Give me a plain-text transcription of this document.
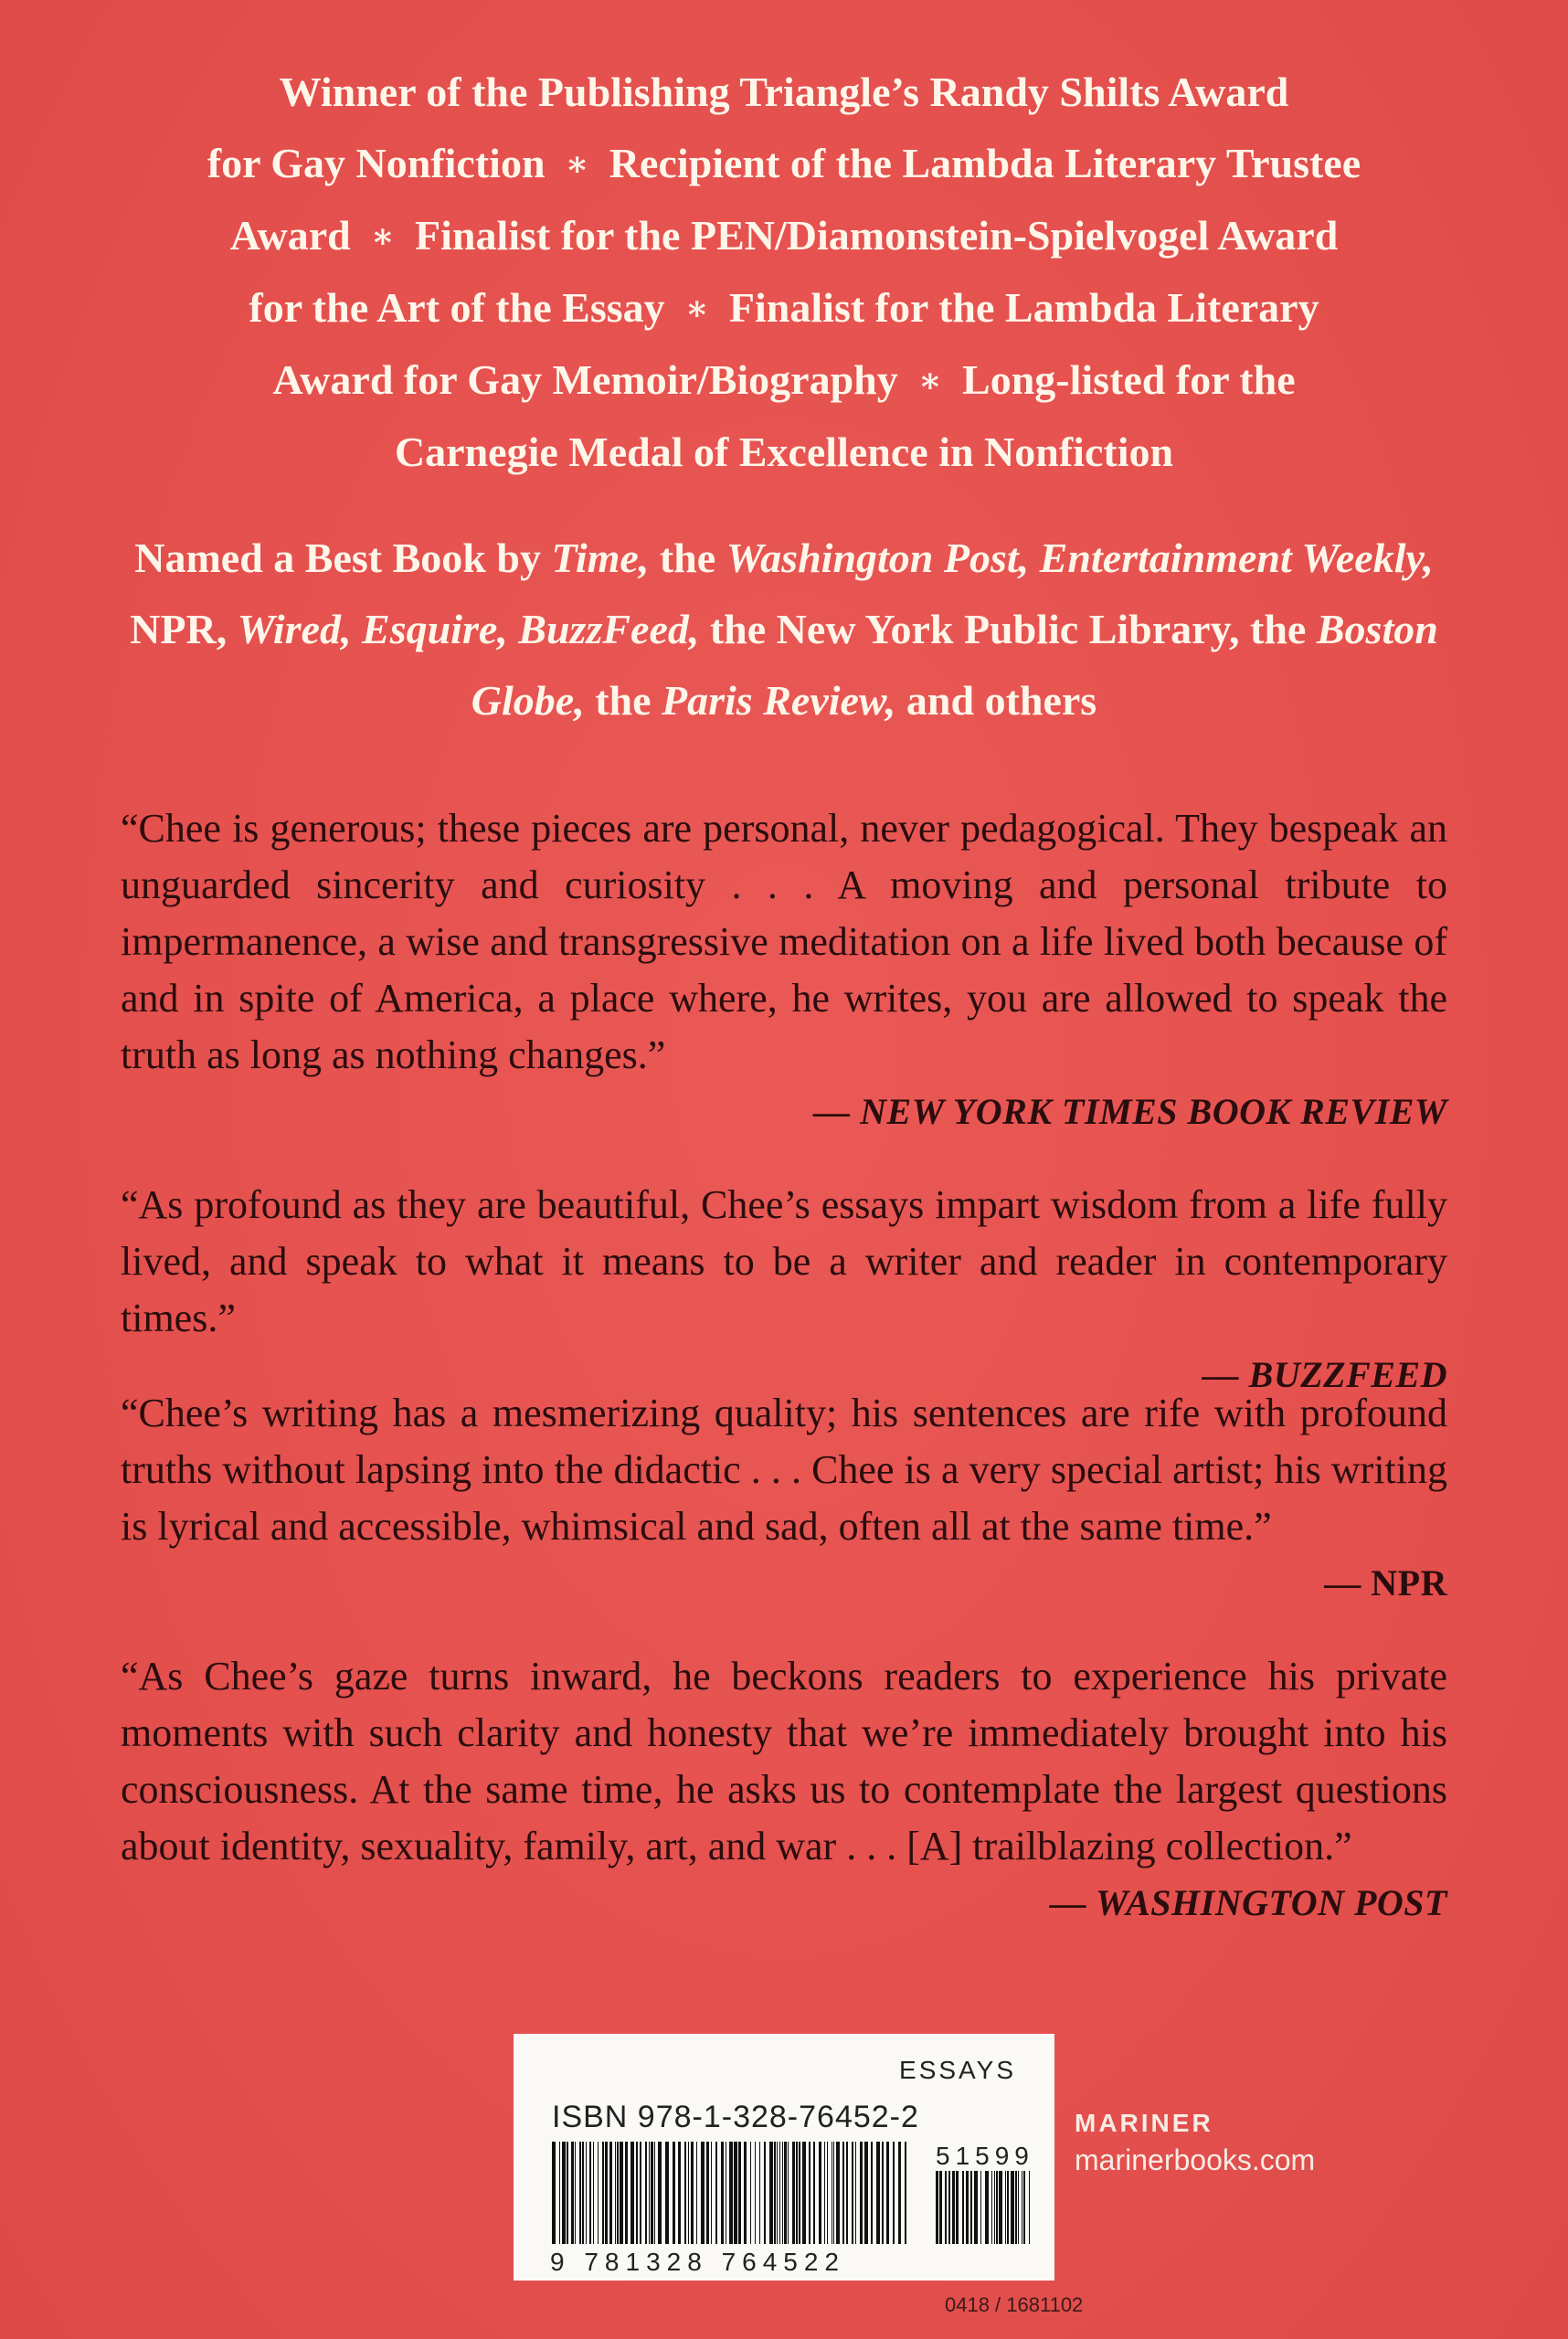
Winner of the Publishing Triangle’s Randy Shilts Award
for Gay Nonfiction ∗ Recipient of the Lambda Literary Trustee
Award ∗ Finalist for the PEN/Diamonstein-Spielvogel Award
for the Art of the Essay ∗ Finalist for the Lambda Literary
Award for Gay Memoir/Biography ∗ Long-listed for the
Carnegie Medal of Excellence in Nonfiction
Named a Best Book by Time, the Washington Post, Entertainment Weekly, NPR, Wired, Esquire, BuzzFeed, the New York Public Library, the Boston Globe, the Paris Review, and others

“Chee is generous; these pieces are personal, never pedagogical. They bespeak an unguarded sincerity and curiosity . . . A moving and personal tribute to impermanence, a wise and transgressive meditation on a life lived both because of and in spite of America, a place where, he writes, you are allowed to speak the truth as long as nothing changes.”

— NEW YORK TIMES BOOK REVIEW

“As profound as they are beautiful, Chee’s essays impart wisdom from a life fully lived, and speak to what it means to be a writer and reader in contemporary times.”

— BUZZFEED

“Chee’s writing has a mesmerizing quality; his sentences are rife with profound truths without lapsing into the didactic . . . Chee is a very special artist; his writing is lyrical and accessible, whimsical and sad, often all at the same time.”

— NPR

“As Chee’s gaze turns inward, he beckons readers to experience his private moments with such clarity and honesty that we’re immediately brought into his consciousness. At the same time, he asks us to contemplate the largest questions about identity, sexuality, family, art, and war . . . [A] trailblazing collection.”

— WASHINGTON POST
ESSAYS
ISBN 978-1-328-76452-2
51599
9 781328 764522
MARINER
marinerbooks.com
0418 / 1681102
